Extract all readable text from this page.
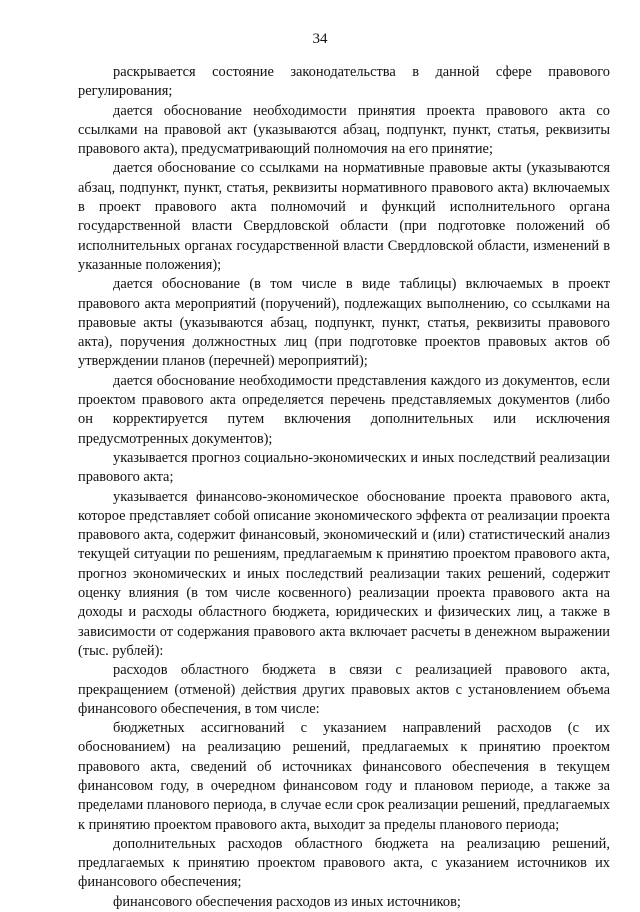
34

раскрывается состояние законодательства в данной сфере правового регулирования;

дается обоснование необходимости принятия проекта правового акта со ссылками на правовой акт (указываются абзац, подпункт, пункт, статья, реквизиты правового акта), предусматривающий полномочия на его принятие;

дается обоснование со ссылками на нормативные правовые акты (указываются абзац, подпункт, пункт, статья, реквизиты нормативного правового акта) включаемых в проект правового акта полномочий и функций исполнительного органа государственной власти Свердловской области (при подготовке положений об исполнительных органах государственной власти Свердловской области, изменений в указанные положения);

дается обоснование (в том числе в виде таблицы) включаемых в проект правового акта мероприятий (поручений), подлежащих выполнению, со ссылками на правовые акты (указываются абзац, подпункт, пункт, статья, реквизиты правового акта), поручения должностных лиц (при подготовке проектов правовых актов об утверждении планов (перечней) мероприятий);

дается обоснование необходимости представления каждого из документов, если проектом правового акта определяется перечень представляемых документов (либо он корректируется путем включения дополнительных или исключения предусмотренных документов);

указывается прогноз социально-экономических и иных последствий реализации правового акта;

указывается финансово-экономическое обоснование проекта правового акта, которое представляет собой описание экономического эффекта от реализации проекта правового акта, содержит финансовый, экономический и (или) статистический анализ текущей ситуации по решениям, предлагаемым к принятию проектом правового акта, прогноз экономических и иных последствий реализации таких решений, содержит оценку влияния (в том числе косвенного) реализации проекта правового акта на доходы и расходы областного бюджета, юридических и физических лиц, а также в зависимости от содержания правового акта включает расчеты в денежном выражении (тыс. рублей):

расходов областного бюджета в связи с реализацией правового акта, прекращением (отменой) действия других правовых актов с установлением объема финансового обеспечения, в том числе:

бюджетных ассигнований с указанием направлений расходов (с их обоснованием) на реализацию решений, предлагаемых к принятию проектом правового акта, сведений об источниках финансового обеспечения в текущем финансовом году, в очередном финансовом году и плановом периоде, а также за пределами планового периода, в случае если срок реализации решений, предлагаемых к принятию проектом правового акта, выходит за пределы планового периода;

дополнительных расходов областного бюджета на реализацию решений, предлагаемых к принятию проектом правового акта, с указанием источников их финансового обеспечения;

финансового обеспечения расходов из иных источников;
